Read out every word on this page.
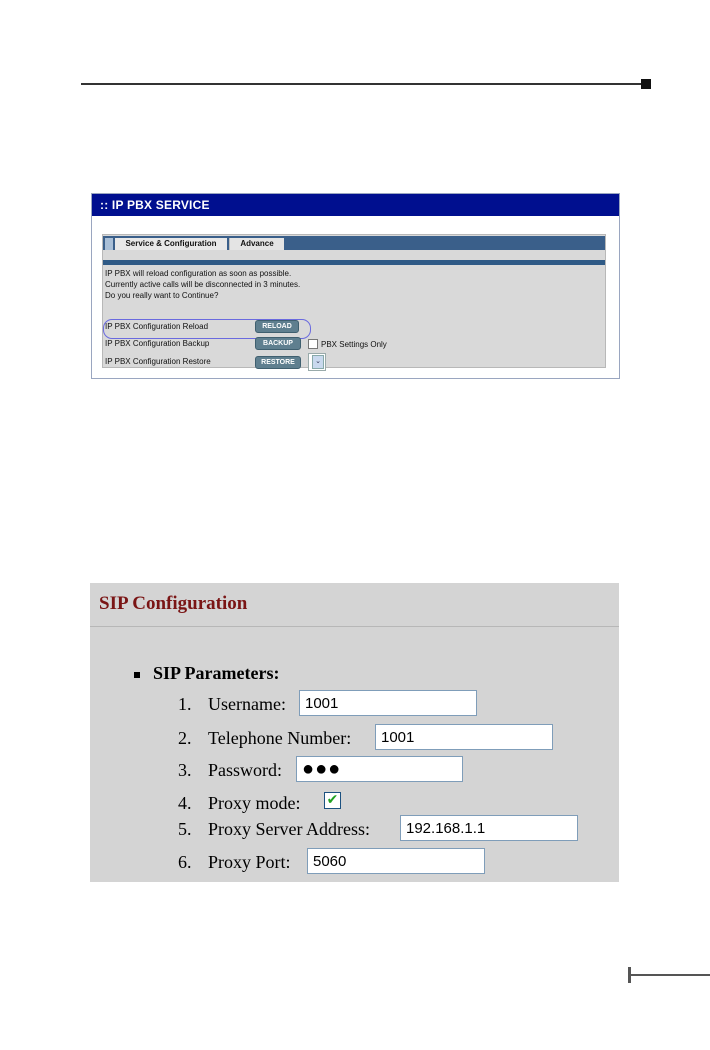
:: IP PBX SERVICE
Service & Configuration	Advance
IP PBX will reload configuration as soon as possible.
Currently active calls will be disconnected in 3 minutes.
Do you really want to Continue?
IP PBX Configuration Reload	RELOAD
IP PBX Configuration Backup	BACKUP	PBX Settings Only
IP PBX Configuration Restore	RESTORE	⌄
SIP Configuration
SIP Parameters:
1. Username:	1001
2. Telephone Number:	1001
3. Password: ●●●
4. Proxy mode: ✔
5. Proxy Server Address:	192.168.1.1
6. Proxy Port:	5060
